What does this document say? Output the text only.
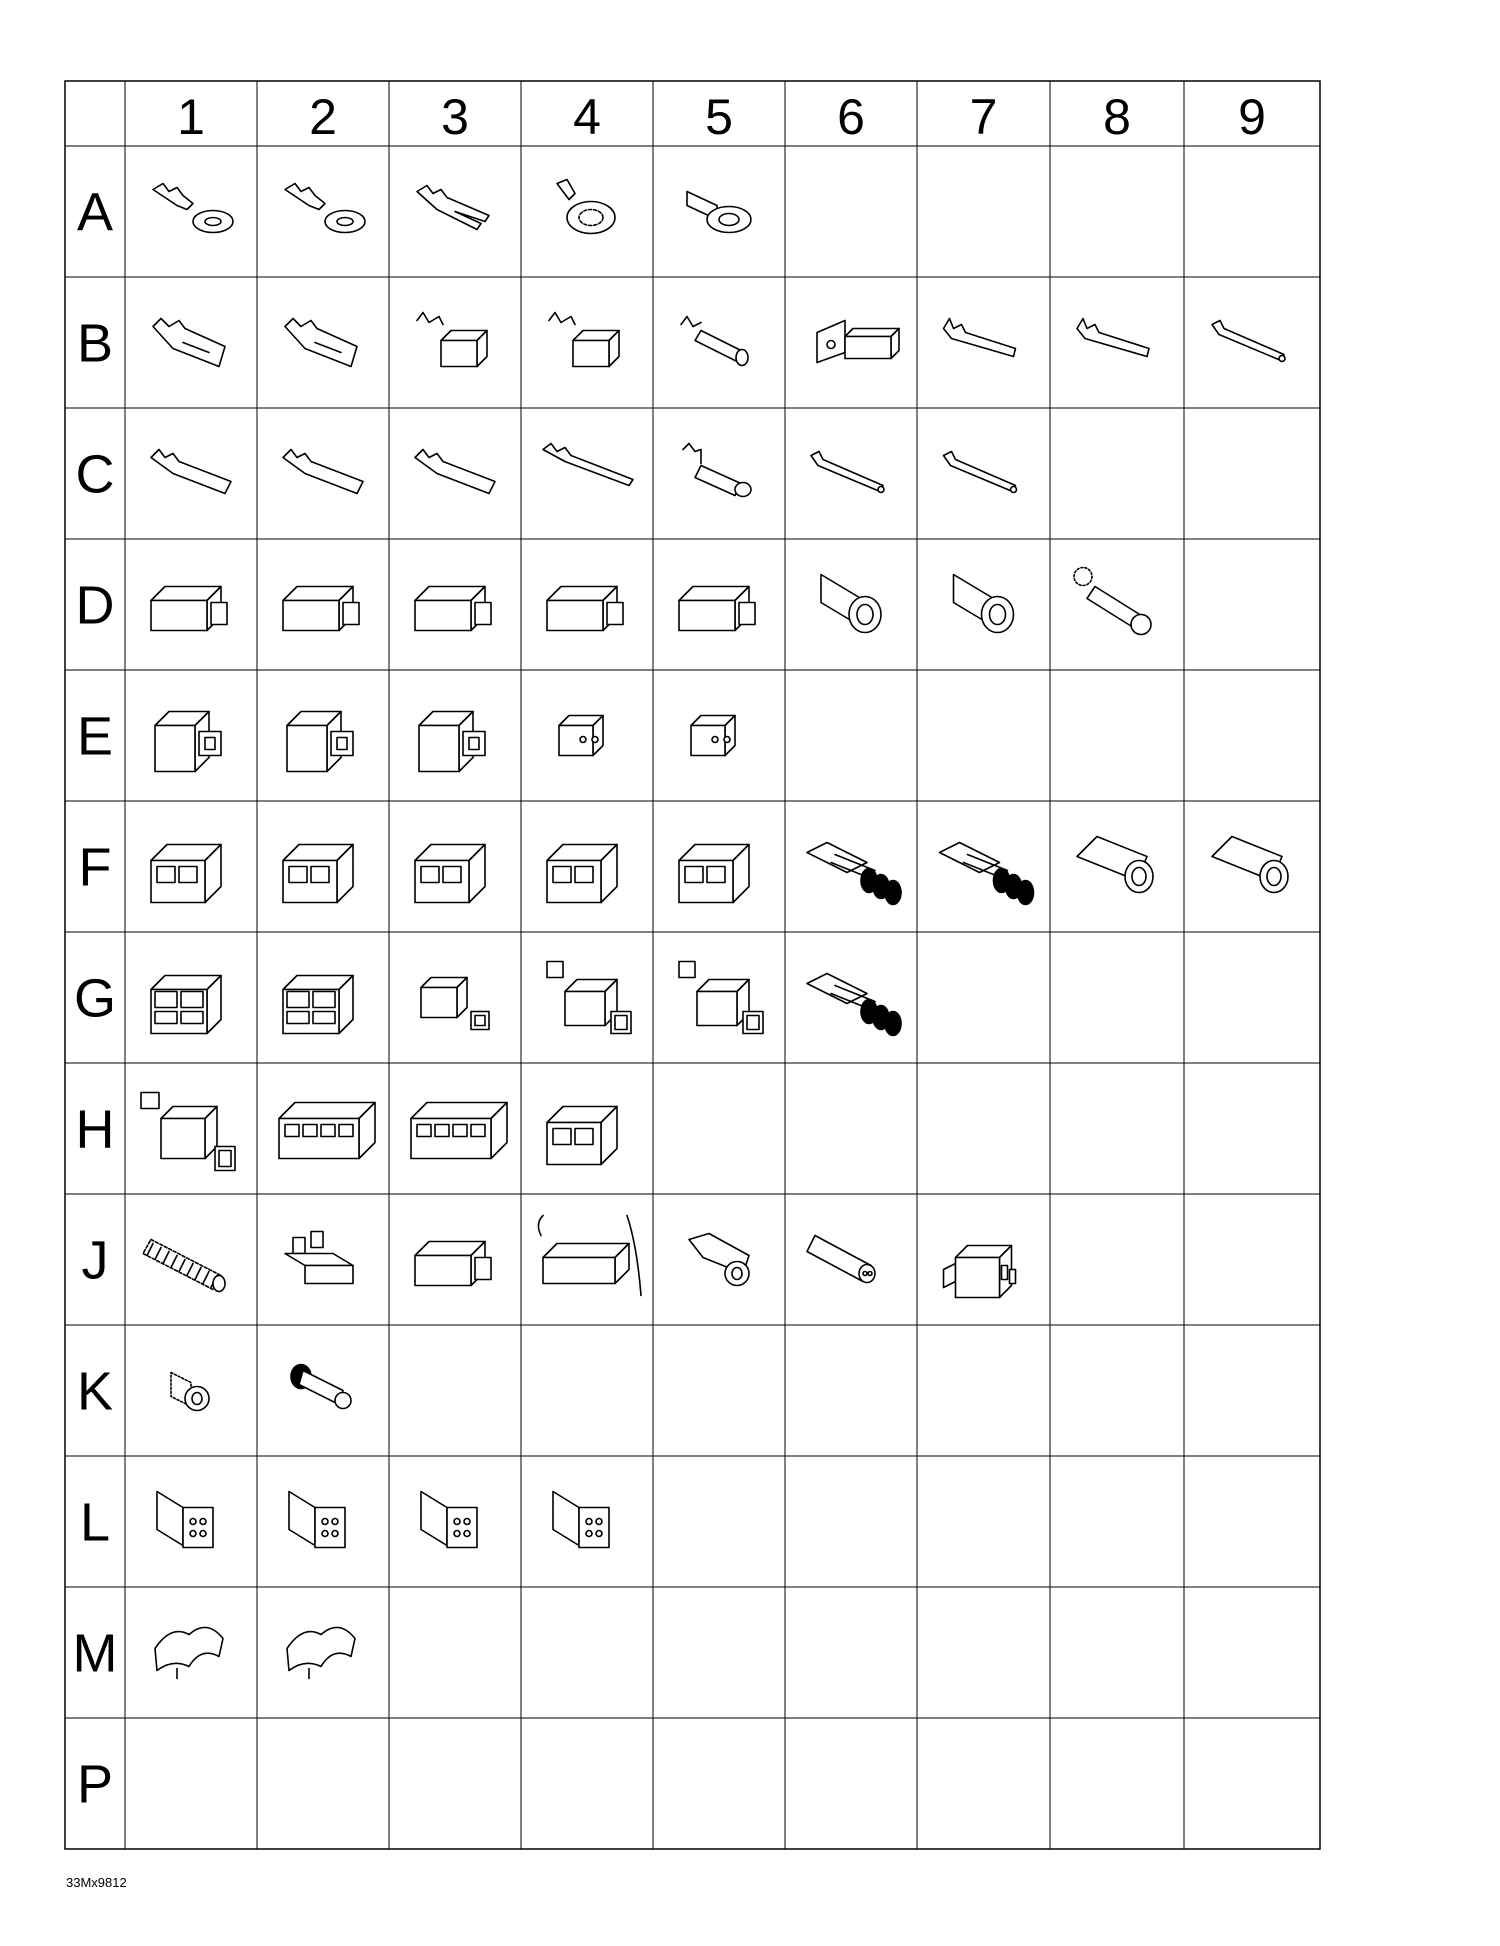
1 2 3 4 5 6 7 8 9
A
B
C
D
E
F
G
H
J
K
L
M
P
33Mx9812
